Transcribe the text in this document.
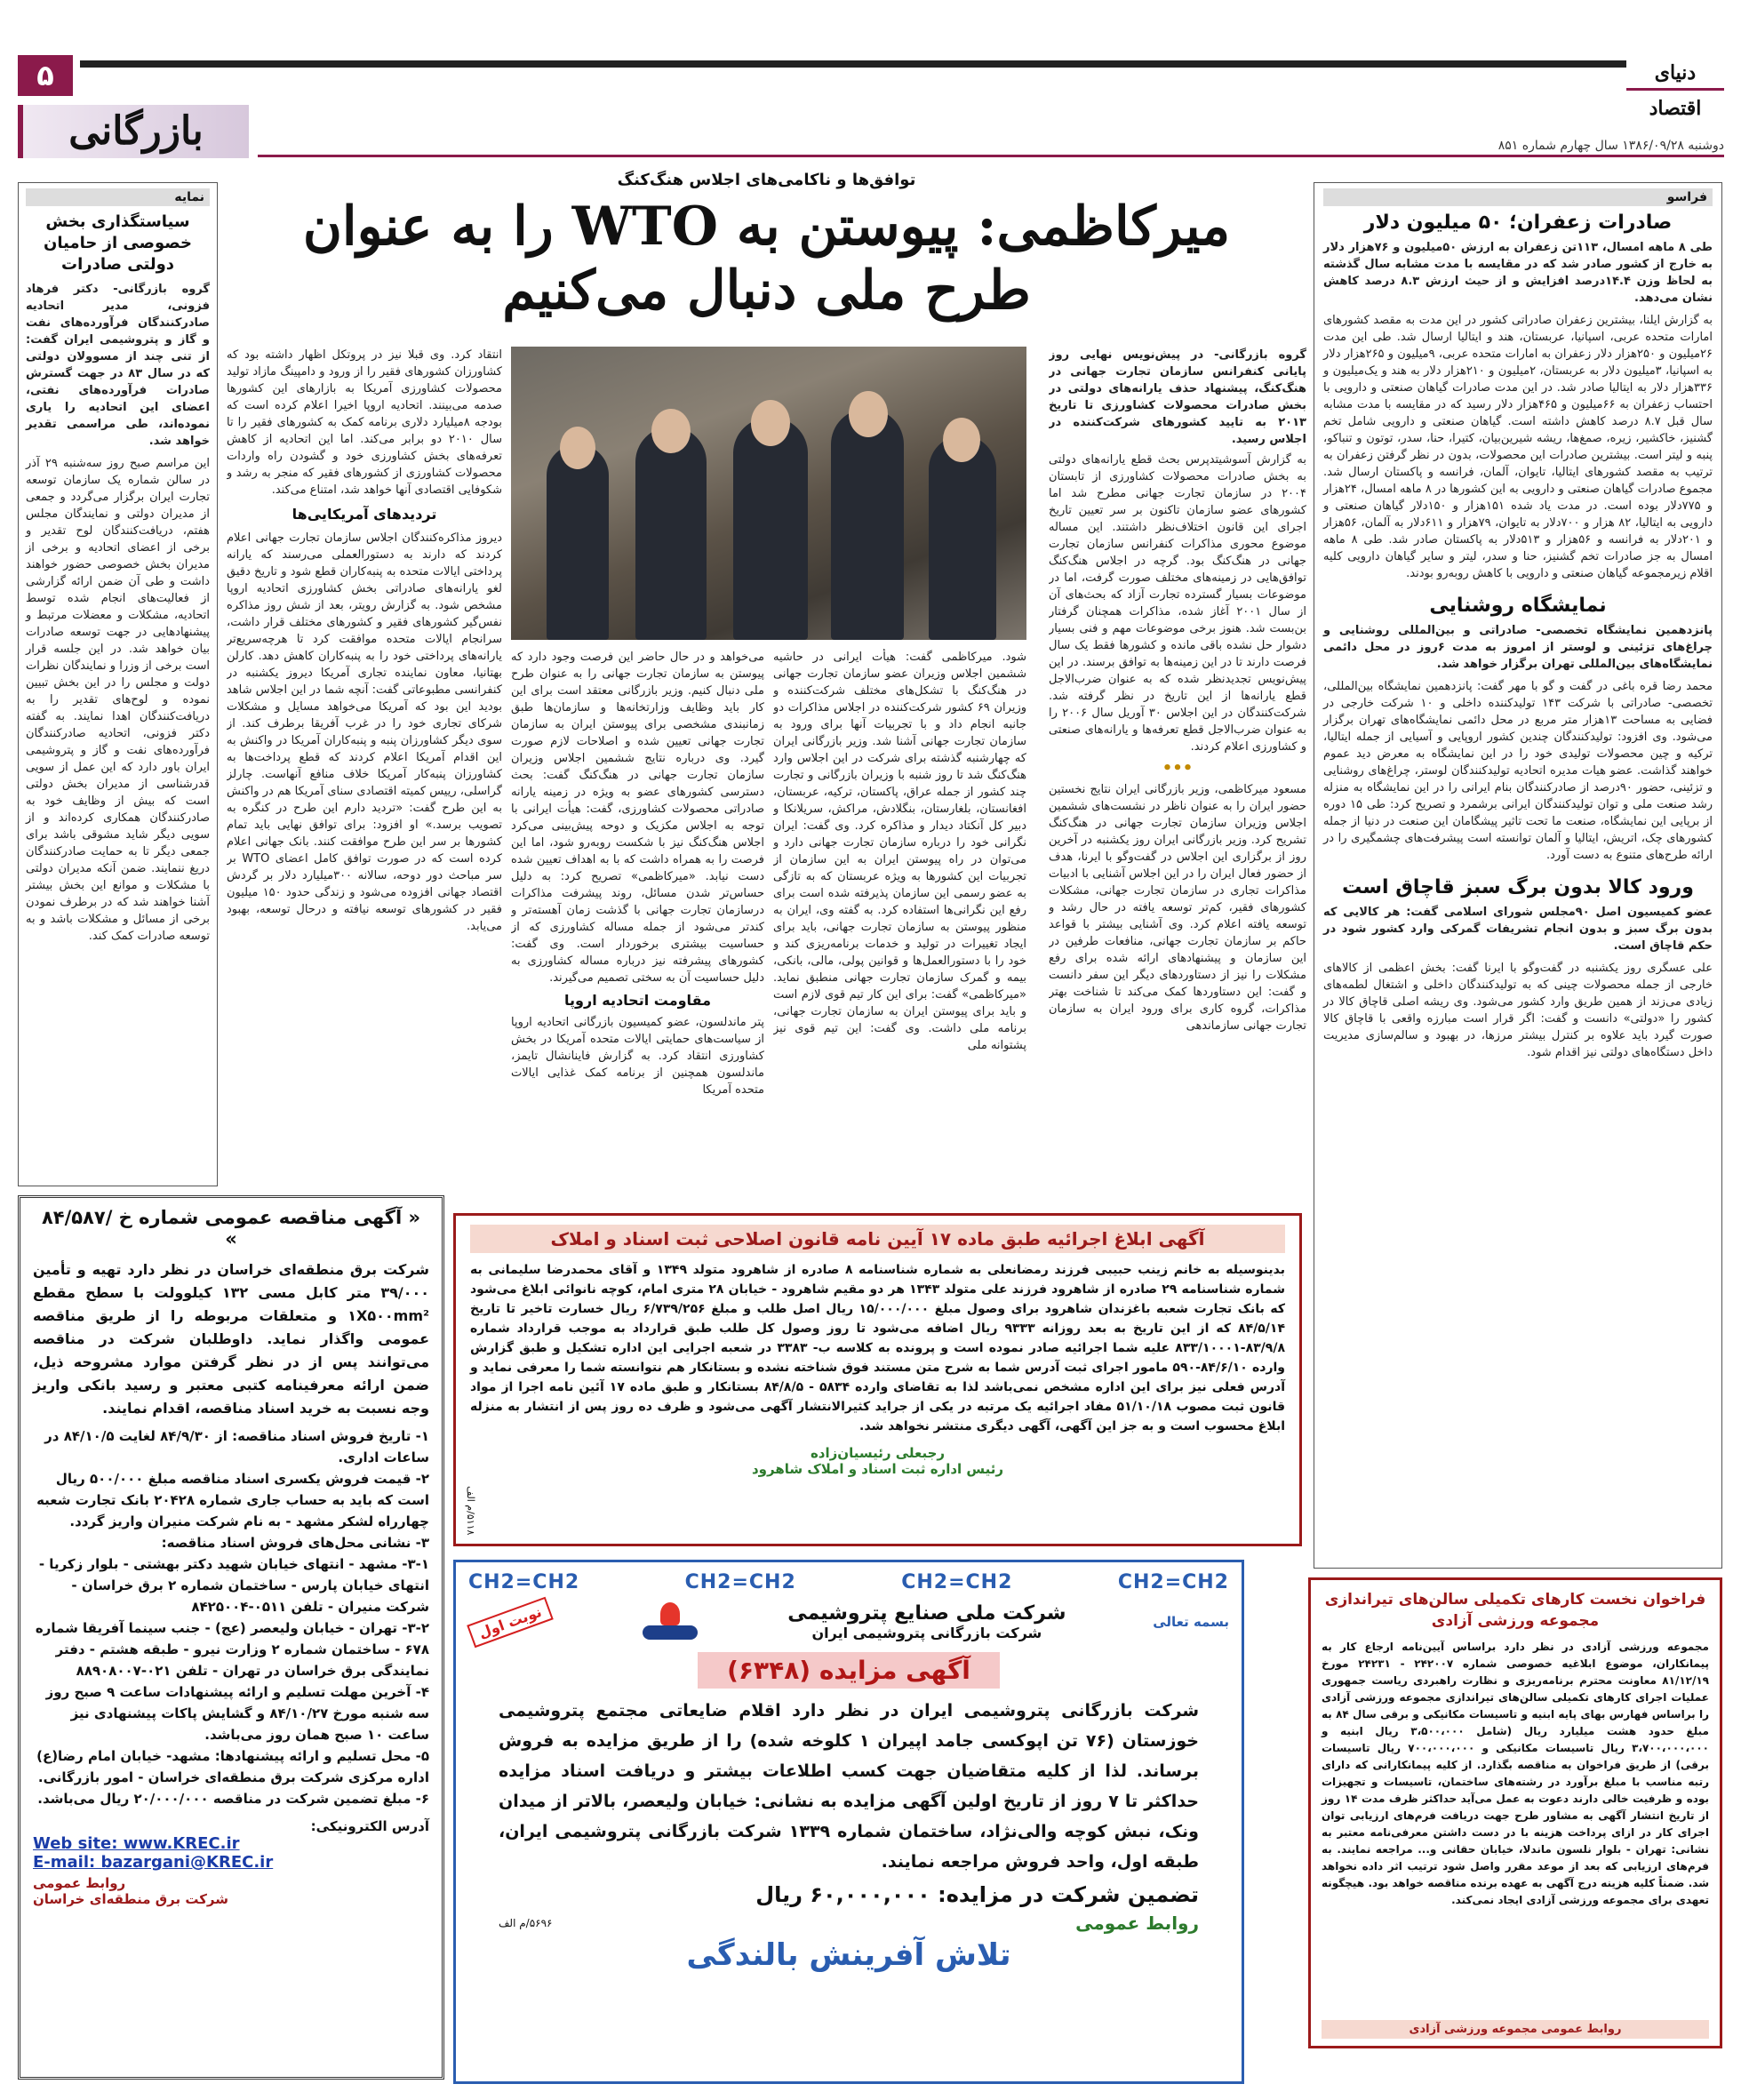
۵	دنیای اقتصاد
بازرگانی	دوشنبه ۱۳۸۶/۰۹/۲۸ سال چهارم شماره ۸۵۱
فراسو
صادرات زعفران؛ ۵۰ میلیون دلار
طی ۸ ماهه امسال، ۱۱۳تن زعفران به ارزش ۵۰میلیون و ۷۶هزار دلار به خارج از کشور صادر شد که در مقایسه با مدت مشابه سال گذشته به لحاظ وزن ۱۴.۴درصد افزایش و از حیث ارزش ۸.۳ درصد کاهش نشان می‌دهد.
به گزارش ایلنا، بیشترین زعفران صادراتی کشور در این مدت به مقصد کشورهای امارات متحده عربی، اسپانیا، عربستان، هند و ایتالیا ارسال شد. طی این مدت ۲۶میلیون و ۲۵۰هزار دلار زعفران به امارات متحده عربی، ۹میلیون و ۲۶۵هزار دلار به اسپانیا، ۳میلیون دلار به عربستان، ۲میلیون و ۲۱۰هزار دلار به هند و یک‌میلیون و ۳۳۶هزار دلار به ایتالیا صادر شد. در این مدت صادرات گیاهان صنعتی و دارویی با احتساب زعفران به ۶۶میلیون و ۴۶۵هزار دلار رسید که در مقایسه با مدت مشابه سال قبل ۸.۷ درصد کاهش داشته است. گیاهان صنعتی و دارویی شامل تخم گشنیز، خاکشیر، زیره، صمغ‌ها، ریشه شیرین‌بیان، کتیرا، حنا، سدر، توتون و تنباکو، پنبه و لیتر است. بیشترین صادرات این محصولات، بدون در نظر گرفتن زعفران به ترتیب به مقصد کشورهای ایتالیا، تایوان، آلمان، فرانسه و پاکستان ارسال شد. مجموع صادرات گیاهان صنعتی و دارویی به این کشورها در ۸ ماهه امسال، ۲۴هزار و ۷۷۵دلار بوده است. در مدت یاد شده ۱۵۱هزار و ۱۵۰دلار گیاهان صنعتی و دارویی به ایتالیا، ۸۲ هزار و ۷۰۰دلار به تایوان، ۷۹هزار و ۶۱۱دلار به آلمان، ۵۶هزار و ۲۰۱دلار به فرانسه و ۵۶هزار و ۵۱۳دلار به پاکستان صادر شد. طی ۸ ماهه امسال به جز صادرات تخم گشنیز، حنا و سدر، لیتر و سایر گیاهان دارویی کلیه اقلام زیرمجموعه گیاهان صنعتی و دارویی با کاهش روبه‌رو بودند.
نمایشگاه روشنایی
پانزدهمین نمایشگاه تخصصی- صادراتی و بین‌المللی روشنایی و چراغ‌های تزئینی و لوستر از امروز به مدت ۶روز در محل دائمی نمایشگاه‌های بین‌المللی تهران برگزار خواهد شد.
محمد رضا قره باغی در گفت و گو با مهر گفت: پانزدهمین نمایشگاه بین‌المللی، تخصصی- صادراتی با شرکت ۱۴۳ تولیدکننده داخلی و ۱۰ شرکت خارجی در فضایی به مساحت ۱۳هزار متر مربع در محل دائمی نمایشگاه‌های تهران برگزار می‌شود. وی افزود: تولیدکنندگان چندین کشور اروپایی و آسیایی از جمله ایتالیا، ترکیه و چین محصولات تولیدی خود را در این نمایشگاه به معرض دید عموم خواهند گذاشت. عضو هیات مدیره اتحادیه تولیدکنندگان لوستر، چراغ‌های روشنایی و تزئینی، حضور ۹۰درصد از صادرکنندگان بنام ایرانی را در این نمایشگاه به منزله رشد صنعت ملی و توان تولیدکنندگان ایرانی برشمرد و تصریح کرد: طی ۱۵ دوره از برپایی این نمایشگاه، صنعت ما تحت تاثیر پیشگامان این صنعت در دنیا از جمله کشورهای چک، اتریش، ایتالیا و آلمان توانسته است پیشرفت‌های چشمگیری را در ارائه طرح‌های متنوع به دست آورد.
ورود کالا بدون برگ سبز قاچاق است
عضو کمیسیون اصل ۹۰مجلس شورای اسلامی گفت: هر کالایی که بدون برگ سبز و بدون انجام تشریفات گمرکی وارد کشور شود در حکم قاچاق است.
علی عسگری روز یکشنبه در گفت‌وگو با ایرنا گفت: بخش اعظمی از کالاهای خارجی از جمله محصولات چینی که به تولیدکنندگان داخلی و اشتغال لطمه‌های زیادی می‌زند از همین طریق وارد کشور می‌شود. وی ریشه اصلی قاچاق کالا در کشور را «دولتی» دانست و گفت: اگر قرار است مبارزه واقعی با قاچاق کالا صورت گیرد باید علاوه بر کنترل بیشتر مرزها، در بهبود و سالم‌سازی مدیریت داخل دستگاه‌های دولتی نیز اقدام شود.
نمایه
سیاستگذاری بخش خصوصی از حامیان دولتی صادرات
گروه بازرگانی- دکتر فرهاد فزونی، مدیر اتحادیه صادرکنندگان فرآورده‌های نفت و گاز و پتروشیمی ایران گفت: از تنی چند از مسوولان دولتی که در سال ۸۳ در جهت گسترش صادرات فرآورده‌های نفتی، اعضای این اتحادیه را یاری نموده‌اند، طی مراسمی تقدیر خواهد شد.
این مراسم صبح روز سه‌شنبه ۲۹ آذر در سالن شماره یک سازمان توسعه تجارت ایران برگزار می‌گردد و جمعی از مدیران دولتی و نمایندگان مجلس هفتم، دریافت‌کنندگان لوح تقدیر و برخی از اعضای اتحادیه و برخی از مدیران بخش خصوصی حضور خواهند داشت و طی آن ضمن ارائه گزارشی از فعالیت‌های انجام شده توسط اتحادیه، مشکلات و معضلات مرتبط و پیشنهادهایی در جهت توسعه صادرات بیان خواهد شد. در این جلسه قرار است برخی از وزرا و نمایندگان نظرات دولت و مجلس را در این بخش تبیین نموده و لوح‌های تقدیر را به دریافت‌کنندگان اهدا نمایند. به گفته دکتر فزونی، اتحادیه صادرکنندگان فرآورده‌های نفت و گاز و پتروشیمی ایران باور دارد که این عمل از سویی قدرشناسی از مدیران بخش دولتی است که بیش از وظایف خود به صادرکنندگان همکاری کرده‌اند و از سویی دیگر شاید مشوقی باشد برای جمعی دیگر تا به حمایت صادرکنندگان دریغ ننمایند. ضمن آنکه مدیران دولتی با مشکلات و موانع این بخش بیشتر آشنا خواهند شد که در برطرف نمودن برخی از مسائل و مشکلات باشد و به توسعه صادرات کمک کند.
توافق‌ها و ناکامی‌های اجلاس هنگ‌کنگ
میرکاظمی: پیوستن به WTO را به عنوان
طرح ملی دنبال می‌کنیم
گروه بازرگانی- در پیش‌نویس نهایی روز پایانی کنفرانس سازمان تجارت جهانی در هنگ‌کنگ، پیشنهاد حذف یارانه‌های دولتی در بخش صادرات محصولات کشاورزی تا تاریخ ۲۰۱۳ به تایید کشورهای شرکت‌کننده در اجلاس رسید.
به گزارش آسوشیتدپرس بحث قطع یارانه‌های دولتی به بخش صادرات محصولات کشاورزی از تابستان ۲۰۰۴ در سازمان تجارت جهانی مطرح شد اما کشورهای عضو سازمان تاکنون بر سر تعیین تاریخ اجرای این قانون اختلاف‌نظر داشتند. این مساله موضوع محوری مذاکرات کنفرانس سازمان تجارت جهانی در هنگ‌کنگ بود. گرچه در اجلاس هنگ‌کنگ توافق‌هایی در زمینه‌های مختلف صورت گرفت، اما در موضوعات بسیار گسترده تجارت آزاد که بحث‌های آن از سال ۲۰۰۱ آغاز شده، مذاکرات همچنان گرفتار بن‌بست شد. هنوز برخی موضوعات مهم و فنی بسیار دشوار حل نشده باقی مانده و کشورها فقط یک سال فرصت دارند تا در این زمینه‌ها به توافق برسند. در این پیش‌نویس تجدیدنظر شده که به عنوان ضرب‌الاجل قطع یارانه‌ها از این تاریخ در نظر گرفته شد. شرکت‌کنندگان در این اجلاس ۳۰ آوریل سال ۲۰۰۶ را به عنوان ضرب‌الاجل قطع تعرفه‌ها و یارانه‌های صنعتی و کشاورزی اعلام کردند.
•••
مسعود میرکاظمی، وزیر بازرگانی ایران نتایج نخستین حضور ایران را به عنوان ناظر در نشست‌های ششمین اجلاس وزیران سازمان تجارت جهانی در هنگ‌کنگ تشریح کرد. وزیر بازرگانی ایران روز یکشنبه در آخرین روز از برگزاری این اجلاس در گفت‌وگو با ایرنا، هدف از حضور فعال ایران را در این اجلاس آشنایی با ادبیات مذاکرات تجاری در سازمان تجارت جهانی، مشکلات کشورهای فقیر، کم‌تر توسعه یافته در حال رشد و توسعه یافته اعلام کرد. وی آشنایی بیشتر با قواعد حاکم بر سازمان تجارت جهانی، منافعات طرفین در این سازمان و پیشنهادهای ارائه شده برای رفع مشکلات را نیز از دستاوردهای دیگر این سفر دانست و گفت: این دستاوردها کمک می‌کند تا شناخت بهتر مذاکرات، گروه کاری برای ورود ایران به سازمان تجارت جهانی سازماندهی
شود. میرکاظمی گفت: هیأت ایرانی در حاشیه ششمین اجلاس وزیران عضو سازمان تجارت جهانی در هنگ‌کنگ با تشکل‌های مختلف شرکت‌کننده و وزیران ۶۹ کشور شرکت‌کننده در اجلاس مذاکرات دو جانبه انجام داد و با تجربیات آنها برای ورود به سازمان تجارت جهانی آشنا شد. وزیر بازرگانی ایران که چهارشنبه گذشته برای شرکت در این اجلاس وارد هنگ‌کنگ شد تا روز شنبه با وزیران بازرگانی و تجارت چند کشور از جمله عراق، پاکستان، ترکیه، عربستان، افغانستان، بلغارستان، بنگلادش، مراکش، سریلانکا و دبیر کل آنکتاد دیدار و مذاکره کرد. وی گفت: ایران نگرانی خود را درباره سازمان تجارت جهانی دارد و می‌توان در راه پیوستن ایران به این سازمان از تجربیات این کشورها به ویژه عربستان که به تازگی به عضو رسمی این سازمان پذیرفته شده است برای رفع این نگرانی‌ها استفاده کرد. به گفته وی، ایران به منظور پیوستن به سازمان تجارت جهانی، باید برای ایجاد تغییرات در تولید و خدمات برنامه‌ریزی کند و خود را با دستورالعمل‌ها و قوانین پولی، مالی، بانکی، بیمه و گمرک سازمان تجارت جهانی منطبق نماید. «میرکاظمی» گفت: برای این کار تیم قوی لازم است و باید برای پیوستن ایران به سازمان تجارت جهانی، برنامه ملی داشت. وی گفت: این تیم قوی نیز پشتوانه ملی
می‌خواهد و در حال حاضر این فرصت وجود دارد که پیوستن به سازمان تجارت جهانی را به عنوان طرح ملی دنبال کنیم. وزیر بازرگانی معتقد است برای این کار باید وظایف وزارتخانه‌ها و سازمان‌ها طبق زمانبندی مشخصی برای پیوستن ایران به سازمان تجارت جهانی تعیین شده و اصلاحات لازم صورت گیرد. وی درباره نتایج ششمین اجلاس وزیران سازمان تجارت جهانی در هنگ‌کنگ گفت: بحث دسترسی کشورهای عضو به ویژه در زمینه یارانه صادراتی محصولات کشاورزی، گفت: هیأت ایرانی با توجه به اجلاس مکزیک و دوحه پیش‌بینی می‌کرد اجلاس هنگ‌کنگ نیز با شکست روبه‌رو شود، اما این فرصت را به همراه داشت که با به اهداف تعیین شده دست نیابد. «میرکاظمی» تصریح کرد: به دلیل حساس‌تر شدن مسائل، روند پیشرفت مذاکرات درسازمان تجارت جهانی با گذشت زمان آهسته‌تر و کندتر می‌شود از جمله مساله کشاورزی که از حساسیت بیشتری برخوردار است. وی گفت: کشورهای پیشرفته نیز درباره مساله کشاورزی به دلیل حساسیت آن به سختی تصمیم می‌گیرند.
مقاومت اتحادیه اروپا
پتر ماندلسون، عضو کمیسیون بازرگانی اتحادیه اروپا از سیاست‌های حمایتی ایالات متحده آمریکا در بخش کشاورزی انتقاد کرد. به گزارش فاینانشال تایمز، ماندلسون همچنین از برنامه کمک غذایی ایالات متحده آمریکا
انتقاد کرد. وی قبلا نیز در پروتکل اظهار داشته بود که کشاورزان کشورهای فقیر را از ورود و دامپینگ مازاد تولید محصولات کشاورزی آمریکا به بازارهای این کشورها صدمه می‌بینند. اتحادیه اروپا اخیرا اعلام کرده است که بودجه ۸میلیارد دلاری برنامه کمک به کشورهای فقیر را تا سال ۲۰۱۰ دو برابر می‌کند. اما این اتحادیه از کاهش تعرفه‌های بخش کشاورزی خود و گشودن راه واردات محصولات کشاورزی از کشورهای فقیر که منجر به رشد و شکوفایی اقتصادی آنها خواهد شد، امتناع می‌کند.
تردیدهای آمریکایی‌ها
دیروز مذاکره‌کنندگان اجلاس سازمان تجارت جهانی اعلام کردند که دارند به دستورالعملی می‌رسند که یارانه پرداختی ایالات متحده به پنبه‌کاران قطع شود و تاریخ دقیق لغو یارانه‌های صادراتی بخش کشاورزی اتحادیه اروپا مشخص شود. به گزارش رویتر، بعد از شش روز مذاکره نفس‌گیر کشورهای فقیر و کشورهای مختلف قرار داشت، سرانجام ایالات متحده موافقت کرد تا هرچه‌سریع‌تر یارانه‌های پرداختی خود را به پنبه‌کاران کاهش دهد. کارلن بهتانیا، معاون نماینده تجاری آمریکا دیروز یکشنبه در کنفرانسی مطبوعاتی گفت: آنچه شما در این اجلاس شاهد بودید این بود که آمریکا می‌خواهد مسایل و مشکلات شرکای تجاری خود را در غرب آفریقا برطرف کند. از سوی دیگر کشاورزان پنبه و پنبه‌کاران آمریکا در واکنش به این اقدام آمریکا اعلام کردند که قطع پرداخت‌ها به کشاورزان پنبه‌کار آمریکا خلاف منافع آنهاست. چارلز گراسلی، رییس کمیته اقتصادی سنای آمریکا هم در واکنش به این طرح گفت: «تردید دارم این طرح در کنگره به تصویب برسد.» او افزود: برای توافق نهایی باید تمام کشورها بر سر این طرح موافقت کنند. بانک جهانی اعلام کرده است که در صورت توافق کامل اعضای WTO بر سر مباحث دور دوحه، سالانه ۳۰۰میلیارد دلار بر گردش اقتصاد جهانی افزوده می‌شود و زندگی حدود ۱۵۰ میلیون فقیر در کشورهای توسعه نیافته و درحال توسعه، بهبود می‌یابد.
« آگهی مناقصه عمومی شماره خ /۸۴/۵۸۷ »
شرکت برق منطقه‌ای خراسان در نظر دارد تهیه و تأمین ۳۹/۰۰۰ متر کابل مسی ۱۳۲ کیلوولت با سطح مقطع ۱X۵۰۰mm² و متعلقات مربوطه را از طریق مناقصه عمومی واگذار نماید. داوطلبان شرکت در مناقصه می‌توانند پس از در نظر گرفتن موارد مشروحه ذیل، ضمن ارائه معرفینامه کتبی معتبر و رسید بانکی واریز وجه نسبت به خرید اسناد مناقصه، اقدام نمایند.
۱- تاریخ فروش اسناد مناقصه: از ۸۴/۹/۳۰ لغایت ۸۴/۱۰/۵ در ساعات اداری.
۲- قیمت فروش یکسری اسناد مناقصه مبلغ ۵۰۰/۰۰۰ ریال است که باید به حساب جاری شماره ۲۰۴۲۸ بانک تجارت شعبه چهارراه لشکر مشهد - به نام شرکت منیران واریز گردد.
۳- نشانی محل‌های فروش اسناد مناقصه:
۳-۱- مشهد - انتهای خیابان شهید دکتر بهشتی - بلوار زکریا - انتهای خیابان پارس - ساختمان شماره ۲ برق خراسان - شرکت منیران - تلفن ۰۵۱۱-۸۴۲۵۰۰۴
۳-۲- تهران - خیابان ولیعصر (عج) - جنب سینما آفریقا شماره ۶۷۸ - ساختمان شماره ۲ وزارت نیرو - طبقه هشتم - دفتر نمایندگی برق خراسان در تهران - تلفن ۰۲۱-۸۸۹۰۸۰۰۷
۴- آخرین مهلت تسلیم و ارائه پیشنهادات ساعت ۹ صبح روز سه شنبه مورخ ۸۴/۱۰/۲۷ و گشایش پاکات پیشنهادی نیز ساعت ۱۰ صبح همان روز می‌باشد.
۵- محل تسلیم و ارائه پیشنهادها: مشهد- خیابان امام رضا(ع) اداره مرکزی شرکت برق منطقه‌ای خراسان - امور بازرگانی.
۶- مبلغ تضمین شرکت در مناقصه ۲۰/۰۰۰/۰۰۰ ریال می‌باشد.
آدرس الکترونیکی:
Web site: www.KREC.ir
E-mail: bazargani@KREC.ir
روابط عمومی
شرکت برق منطقه‌ای خراسان
آگهی ابلاغ اجرائیه طبق ماده ۱۷ آیین نامه قانون اصلاحی ثبت اسناد و املاک
بدینوسیله به خانم زینب حبیبی فرزند رمضانعلی به شماره شناسنامه ۸ صادره از شاهرود متولد ۱۳۴۹ و آقای محمدرضا سلیمانی به شماره شناسنامه ۲۹ صادره از شاهرود فرزند علی متولد ۱۳۴۳ هر دو مقیم شاهرود - خیابان ۲۸ متری امام، کوچه نانوائی ابلاغ می‌شود که بانک تجارت شعبه باغزندان شاهرود برای وصول مبلغ ۱۵/۰۰۰/۰۰۰ ریال اصل طلب و مبلغ ۶/۷۳۹/۲۵۶ ریال خسارت تاخیر تا تاریخ ۸۴/۵/۱۴ که از این تاریخ به بعد روزانه ۹۳۳۳ ریال اضافه می‌شود تا روز وصول کل طلب طبق قرارداد به موجب قرارداد شماره ۸۳/۹/۸-۸۳۳/۱۰۰۰۱ علیه شما اجرائیه صادر نموده است و پرونده به کلاسه ب- ۳۳۸۳ در شعبه اجرایی این اداره تشکیل و طبق گزارش وارده ۸۴/۶/۱۰-۵۹۰ مامور اجرای ثبت آدرس شما به شرح متن مستند فوق شناخته نشده و بستانکار هم نتوانسته شما را معرفی نماید و آدرس فعلی نیز برای این اداره مشخص نمی‌باشد لذا به تقاضای وارده ۵۸۳۴ - ۸۴/۸/۵ بستانکار و طبق ماده ۱۷ آئین نامه اجرا از مواد قانون ثبت مصوب ۵۱/۱۰/۱۸ مفاد اجرائیه یک مرتبه در یکی از جراید کثیرالانتشار آگهی می‌شود و ظرف ده روز پس از انتشار به منزله ابلاغ محسوب است و به جز این آگهی، آگهی دیگری منتشر نخواهد شد.
رجبعلی رئیسیان‌زاده
رئیس اداره ثبت اسناد و املاک شاهرود
۵۱۱۸/م الف
CH2=CH2
CH2=CH2
CH2=CH2
CH2=CH2
بسمه تعالی
شرکت ملی صنایع پتروشیمی
شرکت بازرگانی پتروشیمی ایران
نوبت اول
آگهی مزایده (۶۳۴۸)
شرکت بازرگانی پتروشیمی ایران در نظر دارد اقلام ضایعاتی مجتمع پتروشیمی خوزستان (۷۶ تن اپوکسی جامد اپیران ۱ کلوخه شده) را از طریق مزایده به فروش برساند. لذا از کلیه متقاضیان جهت کسب اطلاعات بیشتر و دریافت اسناد مزایده حداکثر تا ۷ روز از تاریخ اولین آگهی مزایده به نشانی: خیابان ولیعصر، بالاتر از میدان ونک، نبش کوچه والی‌نژاد، ساختمان شماره ۱۳۳۹ شرکت بازرگانی پتروشیمی ایران، طبقه اول، واحد فروش مراجعه نمایند.
تضمین شرکت در مزایده: ۶۰,۰۰۰,۰۰۰ ریال
روابط عمومی
۵۶۹۶/م الف
تلاش آفرینش بالندگی
فراخوان نخست کارهای تکمیلی سالن‌های تیراندازی مجموعه ورزشی آزادی
مجموعه ورزشی آزادی در نظر دارد براساس آیین‌نامه ارجاع کار به پیمانکاران، موضوع ابلاغیه خصوصی شماره ۲۴۲۰۰۷ - ۲۴۲۳۱ مورخ ۸۱/۱۲/۱۹ معاونت محترم برنامه‌ریزی و نظارت راهبردی ریاست جمهوری عملیات اجرای کارهای تکمیلی سالن‌های تیراندازی مجموعه ورزشی آزادی را براساس فهارس بهای پایه ابنیه و تاسیسات مکانیکی و برقی سال ۸۴ به مبلغ حدود هشت میلیارد ریال (شامل ۳،۵۰۰،۰۰۰ ریال ابنیه و ۳،۷۰۰،۰۰۰،۰۰۰ ریال تاسیسات مکانیکی و ۷۰۰،۰۰۰،۰۰۰ ریال تاسیسات برقی) از طریق فراخوان به مناقصه بگذارد. از کلیه پیمانکارانی که دارای رتبه مناسب با مبلغ برآورد در رشته‌های ساختمان، تاسیسات و تجهیزات بوده و ظرفیت خالی دارند دعوت به عمل می‌آید حداکثر ظرف مدت ۱۴ روز از تاریخ انتشار آگهی به مشاور طرح جهت دریافت فرم‌های ارزیابی توان اجرای کار در ازای پرداخت هزینه با در دست داشتن معرفی‌نامه معتبر به نشانی: تهران - بلوار نلسون ماندلا، خیابان حقانی و... مراجعه نمایند. به فرم‌های ارزیابی که بعد از موعد مقرر واصل شود ترتیب اثر داده نخواهد شد. ضمناً کلیه هزینه درج آگهی به عهده برنده مناقصه خواهد بود. هیچگونه تعهدی برای مجموعه ورزشی آزادی ایجاد نمی‌کند.
روابط عمومی مجموعه ورزشی آزادی
